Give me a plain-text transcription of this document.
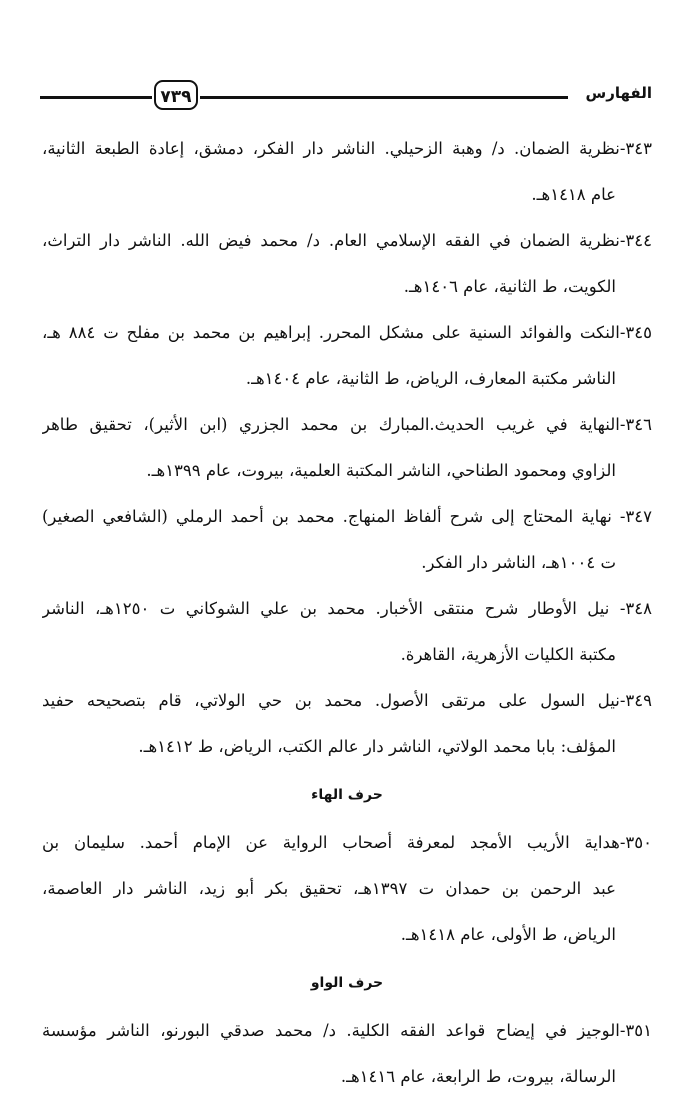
الفهارس
٧٣٩

٣٤٣-نظرية الضمان. د/ وهبة الزحيلي. الناشر دار الفكر، دمشق، إعادة الطبعة الثانية،

عام ١٤١٨هـ.

٣٤٤-نظرية الضمان في الفقه الإسلامي العام. د/ محمد فيض الله. الناشر دار التراث،

الكويت، ط الثانية، عام ١٤٠٦هـ.

٣٤٥-النكت والفوائد السنية على مشكل المحرر. إبراهيم بن محمد بن مفلح ت ٨٨٤ هـ،

الناشر مكتبة المعارف، الرياض، ط الثانية، عام ١٤٠٤هـ.

٣٤٦-النهاية في غريب الحديث.المبارك بن محمد الجزري (ابن الأثير)، تحقيق طاهر

الزاوي ومحمود الطناحي، الناشر المكتبة العلمية، بيروت، عام ١٣٩٩هـ.

٣٤٧- نهاية المحتاج إلى شرح ألفاظ المنهاج. محمد بن أحمد الرملي (الشافعي الصغير)

ت ١٠٠٤هـ، الناشر دار الفكر.

٣٤٨- نيل الأوطار شرح منتقى الأخبار. محمد بن علي الشوكاني ت ١٢٥٠هـ، الناشر

مكتبة الكليات الأزهرية، القاهرة.

٣٤٩-نيل السول على مرتقى الأصول. محمد بن حي الولاتي، قام بتصحيحه حفيد

المؤلف: بابا محمد الولاتي، الناشر دار عالم الكتب، الرياض، ط ١٤١٢هـ.

حرف الهاء

٣٥٠-هداية الأريب الأمجد لمعرفة أصحاب الرواية عن الإمام أحمد. سليمان بن

عبد الرحمن بن حمدان ت ١٣٩٧هـ، تحقيق بكر أبو زيد، الناشر دار العاصمة،

الرياض، ط الأولى، عام ١٤١٨هـ.

حرف الواو

٣٥١-الوجيز في إيضاح قواعد الفقه الكلية. د/ محمد صدقي البورنو، الناشر مؤسسة

الرسالة، بيروت، ط الرابعة، عام ١٤١٦هـ.
